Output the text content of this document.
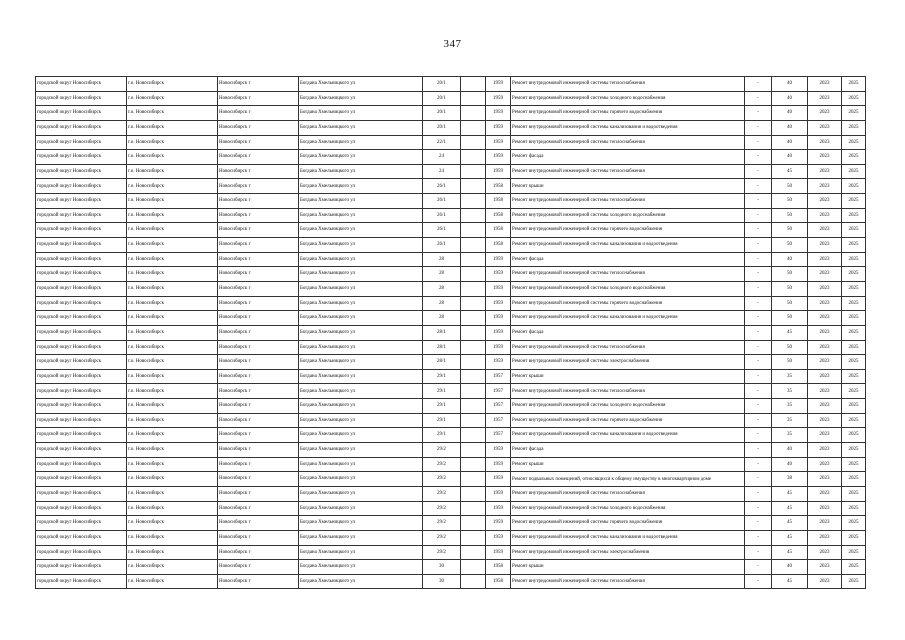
347
городской округ Новосибирск	г.о. Новосибирск	Новосибирск г	Богдана Хмельницкого ул	20/1		1959	Ремонт внутридомовой инженерной системы теплоснабжения	-	40	2023	2025
городской округ Новосибирск	г.о. Новосибирск	Новосибирск г	Богдана Хмельницкого ул	20/1		1959	Ремонт внутридомовой инженерной системы холодного водоснабжения	-	40	2023	2025
городской округ Новосибирск	г.о. Новосибирск	Новосибирск г	Богдана Хмельницкого ул	20/1		1959	Ремонт внутридомовой инженерной системы горячего водоснабжения	-	40	2023	2025
городской округ Новосибирск	г.о. Новосибирск	Новосибирск г	Богдана Хмельницкого ул	20/1		1959	Ремонт внутридомовой инженерной системы канализования и водоотведения	-	40	2023	2025
городской округ Новосибирск	г.о. Новосибирск	Новосибирск г	Богдана Хмельницкого ул	22/1		1959	Ремонт внутридомовой инженерной системы теплоснабжения	-	40	2023	2025
городской округ Новосибирск	г.о. Новосибирск	Новосибирск г	Богдана Хмельницкого ул	24		1959	Ремонт фасада	-	40	2023	2025
городской округ Новосибирск	г.о. Новосибирск	Новосибирск г	Богдана Хмельницкого ул	24		1959	Ремонт внутридомовой инженерной системы теплоснабжения	-	45	2023	2025
городской округ Новосибирск	г.о. Новосибирск	Новосибирск г	Богдана Хмельницкого ул	26/1		1958	Ремонт крыши	-	50	2023	2025
городской округ Новосибирск	г.о. Новосибирск	Новосибирск г	Богдана Хмельницкого ул	26/1		1958	Ремонт внутридомовой инженерной системы теплоснабжения	-	50	2023	2025
городской округ Новосибирск	г.о. Новосибирск	Новосибирск г	Богдана Хмельницкого ул	26/1		1958	Ремонт внутридомовой инженерной системы холодного водоснабжения	-	50	2023	2025
городской округ Новосибирск	г.о. Новосибирск	Новосибирск г	Богдана Хмельницкого ул	26/1		1958	Ремонт внутридомовой инженерной системы горячего водоснабжения	-	50	2023	2025
городской округ Новосибирск	г.о. Новосибирск	Новосибирск г	Богдана Хмельницкого ул	26/1		1958	Ремонт внутридомовой инженерной системы канализования и водоотведения	-	50	2023	2025
городской округ Новосибирск	г.о. Новосибирск	Новосибирск г	Богдана Хмельницкого ул	28		1959	Ремонт фасада	-	40	2023	2025
городской округ Новосибирск	г.о. Новосибирск	Новосибирск г	Богдана Хмельницкого ул	28		1959	Ремонт внутридомовой инженерной системы теплоснабжения	-	50	2023	2025
городской округ Новосибирск	г.о. Новосибирск	Новосибирск г	Богдана Хмельницкого ул	28		1959	Ремонт внутридомовой инженерной системы холодного водоснабжения	-	50	2023	2025
городской округ Новосибирск	г.о. Новосибирск	Новосибирск г	Богдана Хмельницкого ул	28		1959	Ремонт внутридомовой инженерной системы горячего водоснабжения	-	50	2023	2025
городской округ Новосибирск	г.о. Новосибирск	Новосибирск г	Богдана Хмельницкого ул	28		1959	Ремонт внутридомовой инженерной системы канализования и водоотведения	-	50	2023	2025
городской округ Новосибирск	г.о. Новосибирск	Новосибирск г	Богдана Хмельницкого ул	28/1		1959	Ремонт фасада	-	45	2023	2025
городской округ Новосибирск	г.о. Новосибирск	Новосибирск г	Богдана Хмельницкого ул	28/1		1959	Ремонт внутридомовой инженерной системы теплоснабжения	-	50	2023	2025
городской округ Новосибирск	г.о. Новосибирск	Новосибирск г	Богдана Хмельницкого ул	28/1		1959	Ремонт внутридомовой инженерной системы электроснабжения	-	50	2023	2025
городской округ Новосибирск	г.о. Новосибирск	Новосибирск г	Богдана Хмельницкого ул	29/1		1957	Ремонт крыши	-	35	2023	2025
городской округ Новосибирск	г.о. Новосибирск	Новосибирск г	Богдана Хмельницкого ул	29/1		1957	Ремонт внутридомовой инженерной системы теплоснабжения	-	35	2023	2025
городской округ Новосибирск	г.о. Новосибирск	Новосибирск г	Богдана Хмельницкого ул	29/1		1957	Ремонт внутридомовой инженерной системы холодного водоснабжения	-	35	2023	2025
городской округ Новосибирск	г.о. Новосибирск	Новосибирск г	Богдана Хмельницкого ул	29/1		1957	Ремонт внутридомовой инженерной системы горячего водоснабжения	-	35	2023	2025
городской округ Новосибирск	г.о. Новосибирск	Новосибирск г	Богдана Хмельницкого ул	29/1		1957	Ремонт внутридомовой инженерной системы канализования и водоотведения	-	35	2023	2025
городской округ Новосибирск	г.о. Новосибирск	Новосибирск г	Богдана Хмельницкого ул	29/2		1959	Ремонт фасада	-	40	2023	2025
городской округ Новосибирск	г.о. Новосибирск	Новосибирск г	Богдана Хмельницкого ул	29/2		1959	Ремонт крыши	-	40	2023	2025
городской округ Новосибирск	г.о. Новосибирск	Новосибирск г	Богдана Хмельницкого ул	29/2		1959	Ремонт подвальных помещений, относящихся к общему имуществу в многоквартирном доме	-	38	2023	2025
городской округ Новосибирск	г.о. Новосибирск	Новосибирск г	Богдана Хмельницкого ул	29/2		1959	Ремонт внутридомовой инженерной системы теплоснабжения	-	45	2023	2025
городской округ Новосибирск	г.о. Новосибирск	Новосибирск г	Богдана Хмельницкого ул	29/2		1959	Ремонт внутридомовой инженерной системы холодного водоснабжения	-	45	2023	2025
городской округ Новосибирск	г.о. Новосибирск	Новосибирск г	Богдана Хмельницкого ул	29/2		1959	Ремонт внутридомовой инженерной системы горячего водоснабжения	-	45	2023	2025
городской округ Новосибирск	г.о. Новосибирск	Новосибирск г	Богдана Хмельницкого ул	29/2		1959	Ремонт внутридомовой инженерной системы канализования и водоотведения	-	45	2023	2025
городской округ Новосибирск	г.о. Новосибирск	Новосибирск г	Богдана Хмельницкого ул	29/2		1959	Ремонт внутридомовой инженерной системы электроснабжения	-	45	2023	2025
городской округ Новосибирск	г.о. Новосибирск	Новосибирск г	Богдана Хмельницкого ул	30		1958	Ремонт крыши	-	40	2023	2025
городской округ Новосибирск	г.о. Новосибирск	Новосибирск г	Богдана Хмельницкого ул	30		1958	Ремонт внутридомовой инженерной системы теплоснабжения	-	45	2023	2025
